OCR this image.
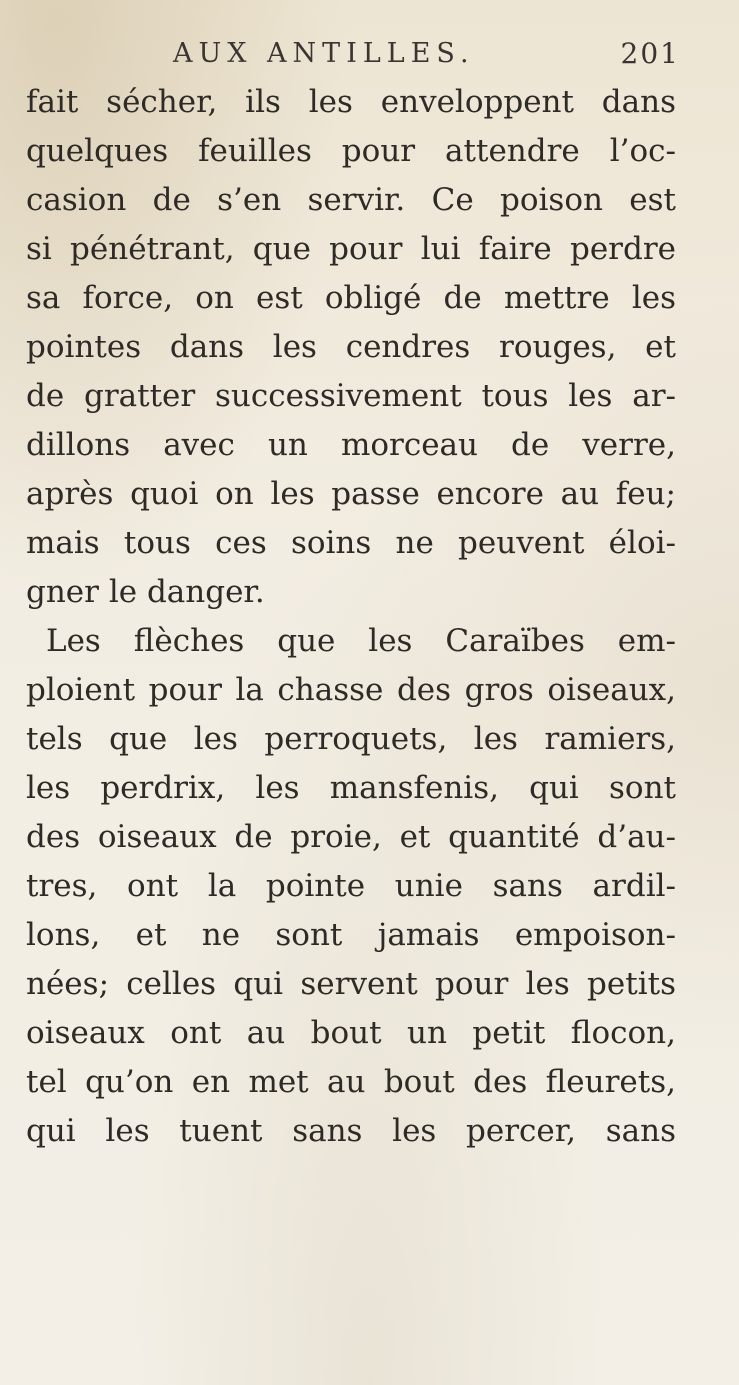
AUX ANTILLES.	201
fait sécher, ils les enveloppent dans
quelques feuilles pour attendre l’oc-
casion de s’en servir. Ce poison est
si pénétrant, que pour lui faire perdre
sa force, on est obligé de mettre les
pointes dans les cendres rouges, et
de gratter successivement tous les ar-
dillons avec un morceau de verre,
après quoi on les passe encore au feu;
mais tous ces soins ne peuvent éloi-
gner le danger.
Les flèches que les Caraïbes em-
ploient pour la chasse des gros oiseaux,
tels que les perroquets, les ramiers,
les perdrix, les mansfenis, qui sont
des oiseaux de proie, et quantité d’au-
tres, ont la pointe unie sans ardil-
lons, et ne sont jamais empoison-
nées; celles qui servent pour les petits
oiseaux ont au bout un petit flocon,
tel qu’on en met au bout des fleurets,
qui les tuent sans les percer, sans
